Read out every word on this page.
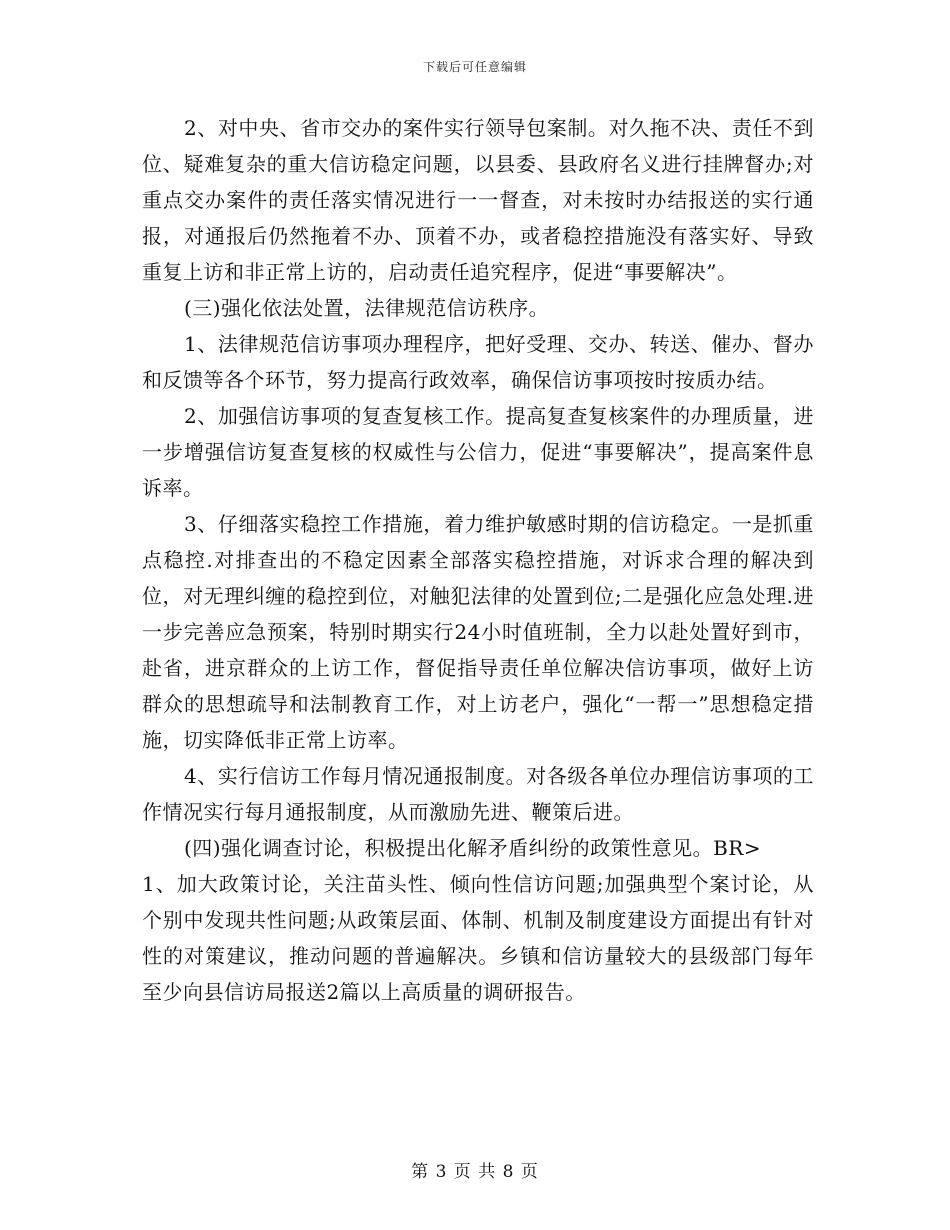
下载后可任意编辑

2、对中央、省市交办的案件实行领导包案制。对久拖不决、责任不到位、疑难复杂的重大信访稳定问题，以县委、县政府名义进行挂牌督办;对重点交办案件的责任落实情况进行一一督查，对未按时办结报送的实行通报，对通报后仍然拖着不办、顶着不办，或者稳控措施没有落实好、导致重复上访和非正常上访的，启动责任追究程序，促进“事要解决”。

(三)强化依法处置，法律规范信访秩序。

1、法律规范信访事项办理程序，把好受理、交办、转送、催办、督办和反馈等各个环节，努力提高行政效率，确保信访事项按时按质办结。

2、加强信访事项的复查复核工作。提高复查复核案件的办理质量，进一步增强信访复查复核的权威性与公信力，促进“事要解决”，提高案件息诉率。

3、仔细落实稳控工作措施，着力维护敏感时期的信访稳定。一是抓重点稳控.对排查出的不稳定因素全部落实稳控措施，对诉求合理的解决到位，对无理纠缠的稳控到位，对触犯法律的处置到位;二是强化应急处理.进一步完善应急预案，特别时期实行24小时值班制，全力以赴处置好到市，赴省，进京群众的上访工作，督促指导责任单位解决信访事项，做好上访群众的思想疏导和法制教育工作，对上访老户，强化“一帮一”思想稳定措施，切实降低非正常上访率。

4、实行信访工作每月情况通报制度。对各级各单位办理信访事项的工作情况实行每月通报制度，从而激励先进、鞭策后进。

(四)强化调查讨论，积极提出化解矛盾纠纷的政策性意见。BR>

1、加大政策讨论，关注苗头性、倾向性信访问题;加强典型个案讨论，从个别中发现共性问题;从政策层面、体制、机制及制度建设方面提出有针对性的对策建议，推动问题的普遍解决。乡镇和信访量较大的县级部门每年至少向县信访局报送2篇以上高质量的调研报告。

第 3 页 共 8 页
